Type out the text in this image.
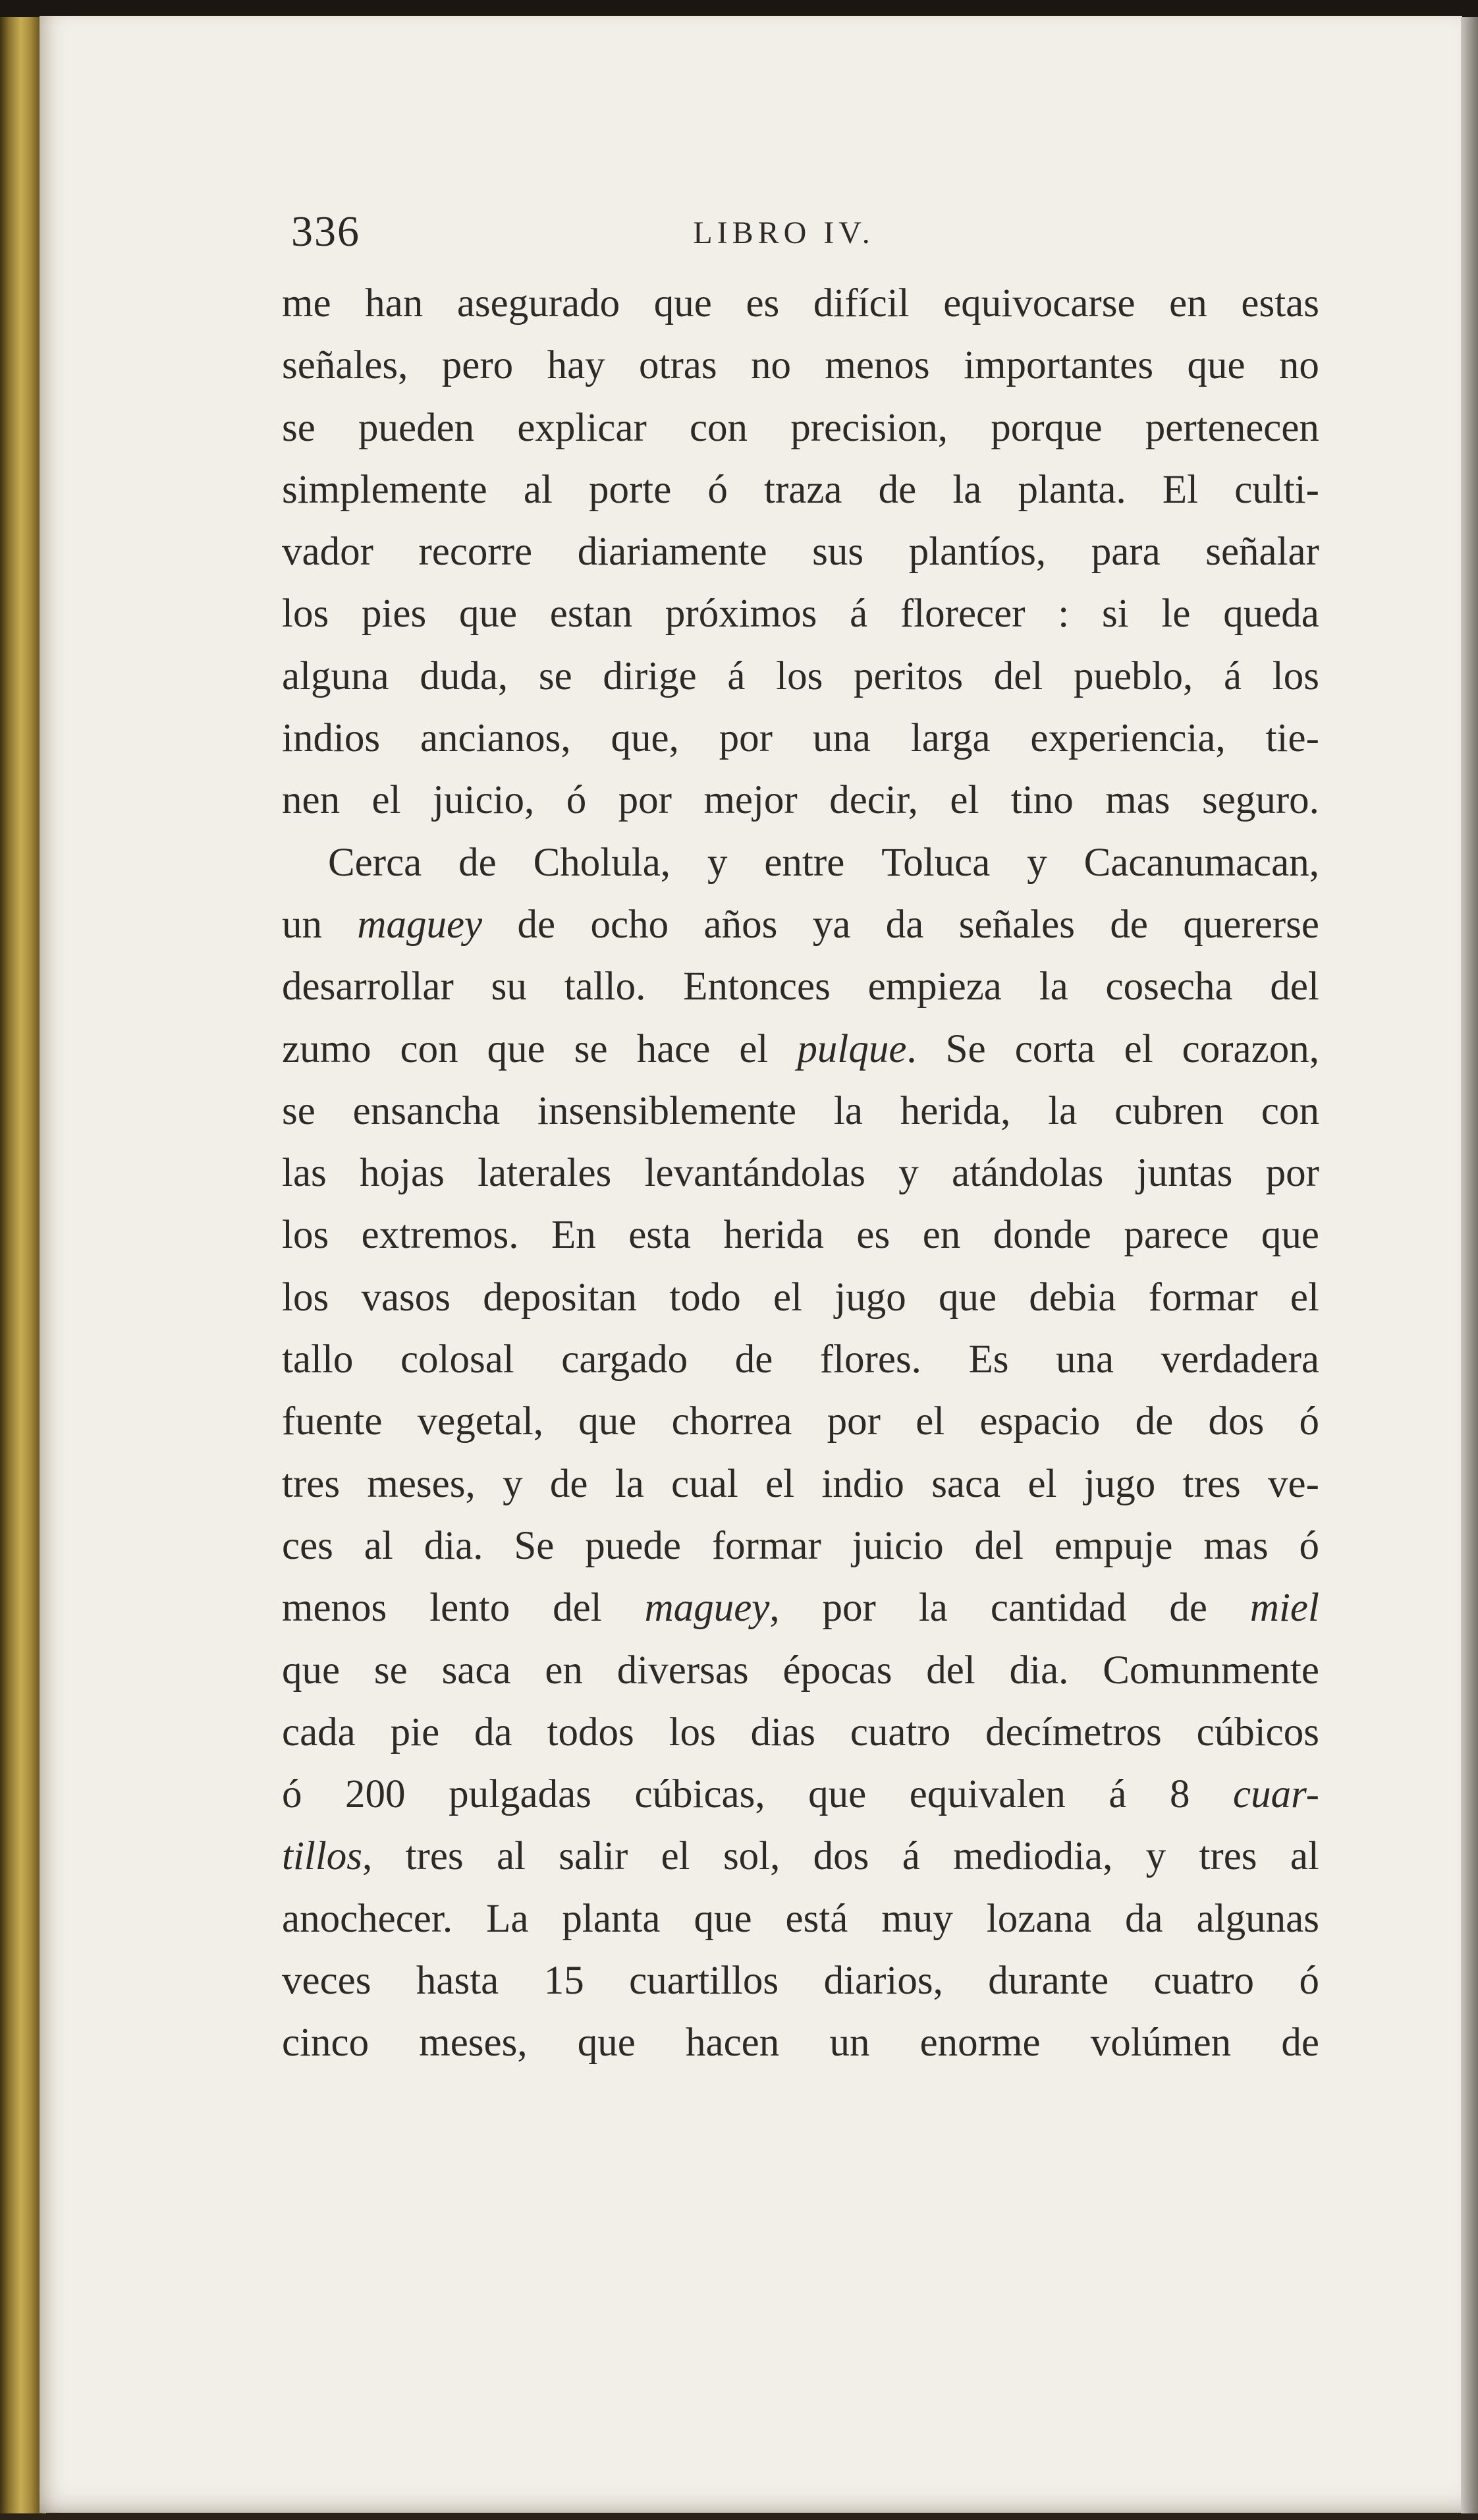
336	LIBRO IV.
me han asegurado que es difícil equivocarse en estas
señales, pero hay otras no menos importantes que no
se pueden explicar con precision, porque pertenecen
simplemente al porte ó traza de la planta. El culti-
vador recorre diariamente sus plantíos, para señalar
los pies que estan próximos á florecer : si le queda
alguna duda, se dirige á los peritos del pueblo, á los
indios ancianos, que, por una larga experiencia, tie-
nen el juicio, ó por mejor decir, el tino mas seguro.
Cerca de Cholula, y entre Toluca y Cacanumacan,
un maguey de ocho años ya da señales de quererse
desarrollar su tallo. Entonces empieza la cosecha del
zumo con que se hace el pulque. Se corta el corazon,
se ensancha insensiblemente la herida, la cubren con
las hojas laterales levantándolas y atándolas juntas por
los extremos. En esta herida es en donde parece que
los vasos depositan todo el jugo que debia formar el
tallo colosal cargado de flores. Es una verdadera
fuente vegetal, que chorrea por el espacio de dos ó
tres meses, y de la cual el indio saca el jugo tres ve-
ces al dia. Se puede formar juicio del empuje mas ó
menos lento del maguey, por la cantidad de miel
que se saca en diversas épocas del dia. Comunmente
cada pie da todos los dias cuatro decímetros cúbicos
ó 200 pulgadas cúbicas, que equivalen á 8 cuar-
tillos, tres al salir el sol, dos á mediodia, y tres al
anochecer. La planta que está muy lozana da algunas
veces hasta 15 cuartillos diarios, durante cuatro ó
cinco meses, que hacen un enorme volúmen de
